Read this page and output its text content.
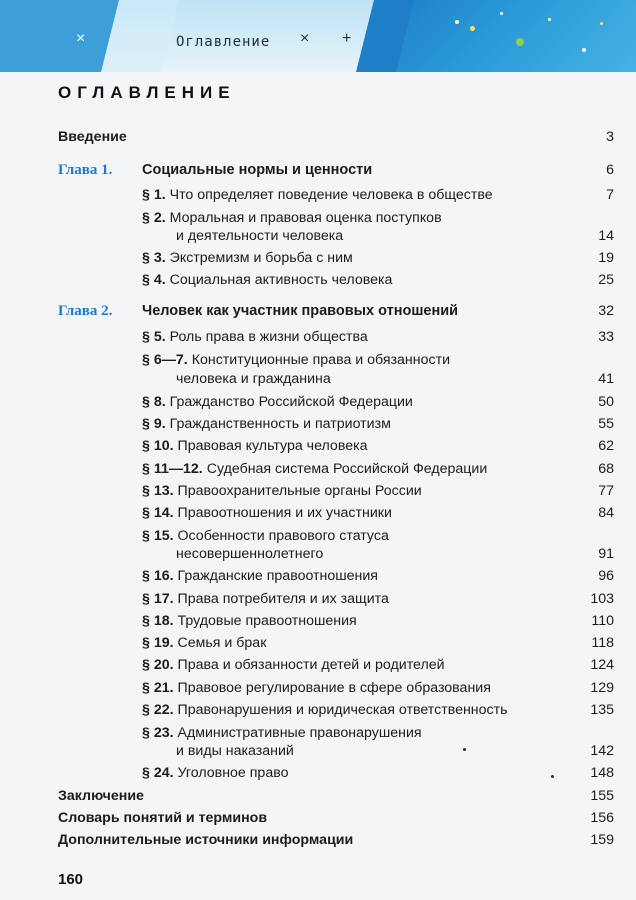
×	Оглавление × +
ОГЛАВЛЕНИЕ
Введение	3
Глава 1. Социальные нормы и ценности	6
§ 1. Что определяет поведение человека в обществе	7
§ 2. Моральная и правовая оценка поступков
и деятельности человека	14
§ 3. Экстремизм и борьба с ним	19
§ 4. Социальная активность человека	25
Глава 2. Человек как участник правовых отношений	32
§ 5. Роль права в жизни общества	33
§ 6—7. Конституционные права и обязанности
человека и гражданина	41
§ 8. Гражданство Российской Федерации	50
§ 9. Гражданственность и патриотизм	55
§ 10. Правовая культура человека	62
§ 11—12. Судебная система Российской Федерации	68
§ 13. Правоохранительные органы России	77
§ 14. Правоотношения и их участники	84
§ 15. Особенности правового статуса
несовершеннолетнего	91
§ 16. Гражданские правоотношения	96
§ 17. Права потребителя и их защита	103
§ 18. Трудовые правоотношения	110
§ 19. Семья и брак	118
§ 20. Права и обязанности детей и родителей	124
§ 21. Правовое регулирование в сфере образования	129
§ 22. Правонарушения и юридическая ответственность	135
§ 23. Административные правонарушения
и виды наказаний	142
§ 24. Уголовное право	148
Заключение	155
Словарь понятий и терминов	156
Дополнительные источники информации	159
160
